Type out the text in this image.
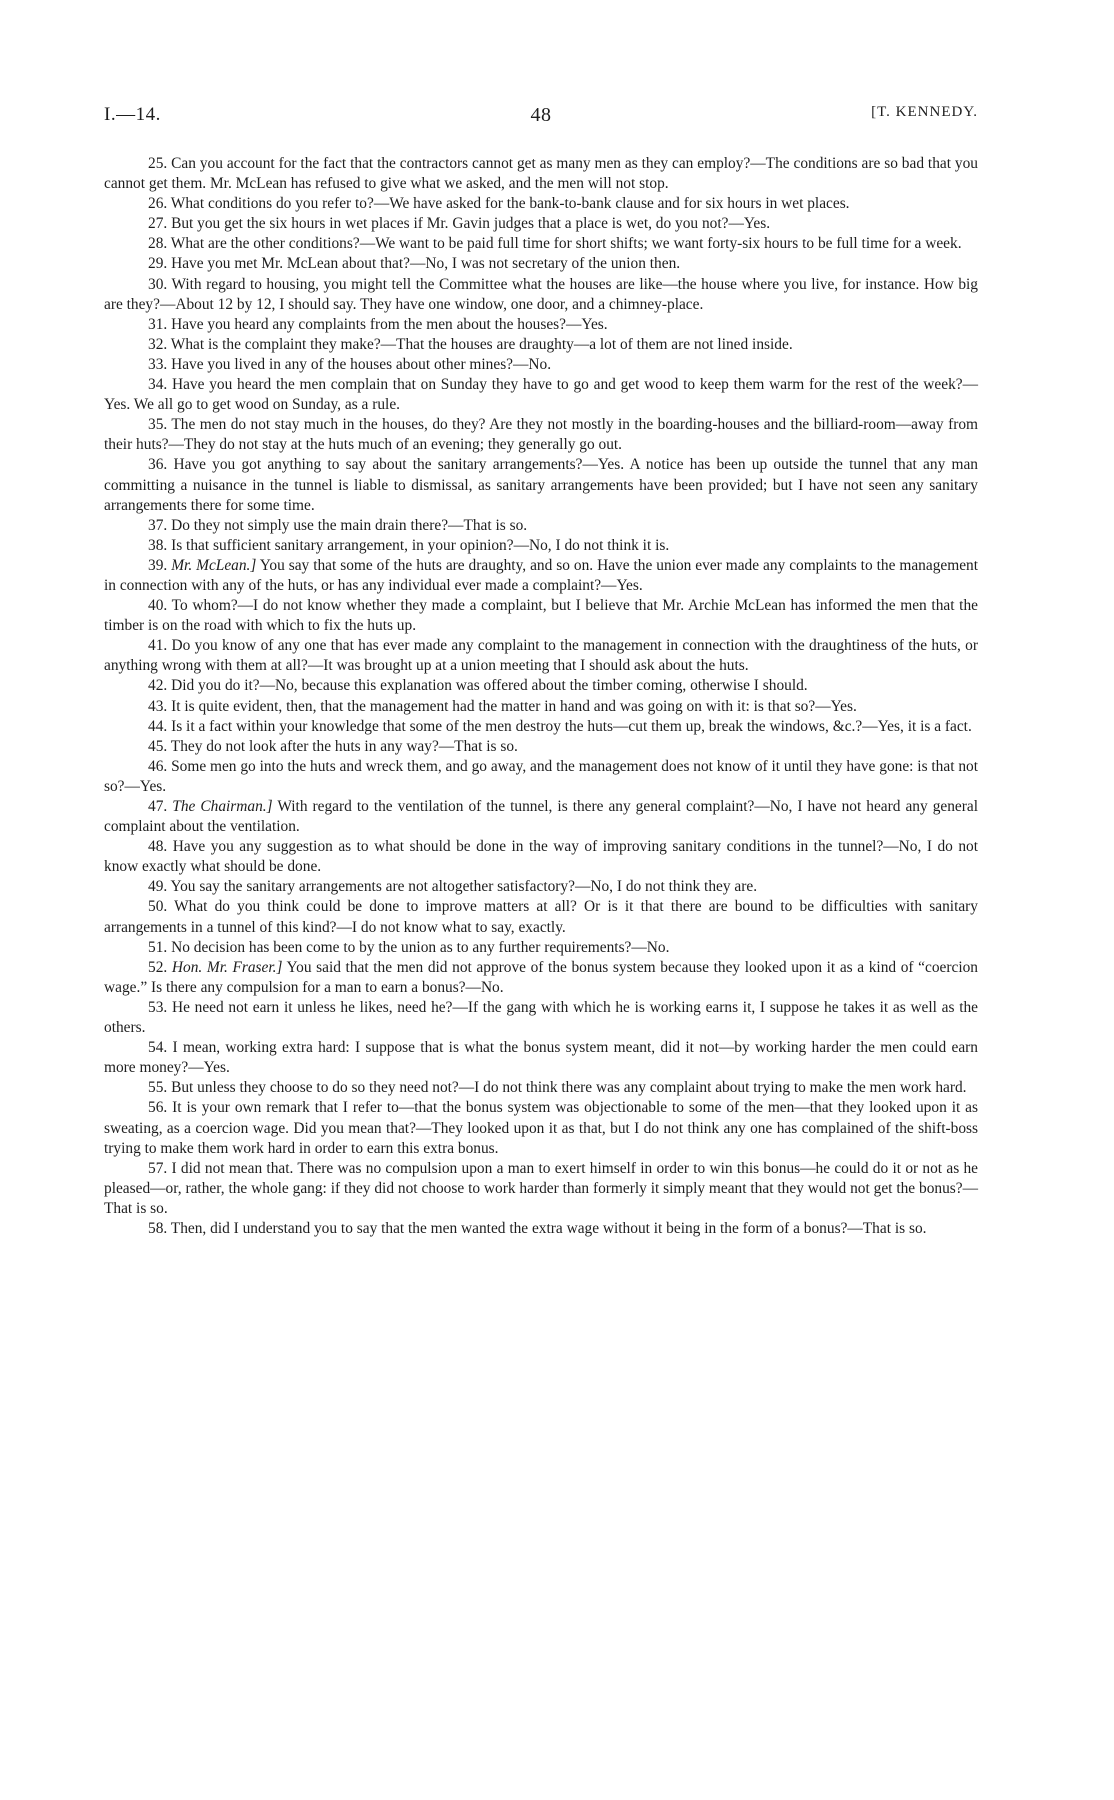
I.—14.	48	[T. KENNEDY.

25. Can you account for the fact that the contractors cannot get as many men as they can employ?—The conditions are so bad that you cannot get them. Mr. McLean has refused to give what we asked, and the men will not stop.

26. What conditions do you refer to?—We have asked for the bank-to-bank clause and for six hours in wet places.

27. But you get the six hours in wet places if Mr. Gavin judges that a place is wet, do you not?—Yes.

28. What are the other conditions?—We want to be paid full time for short shifts; we want forty-six hours to be full time for a week.

29. Have you met Mr. McLean about that?—No, I was not secretary of the union then.

30. With regard to housing, you might tell the Committee what the houses are like—the house where you live, for instance. How big are they?—About 12 by 12, I should say. They have one window, one door, and a chimney-place.

31. Have you heard any complaints from the men about the houses?—Yes.

32. What is the complaint they make?—That the houses are draughty—a lot of them are not lined inside.

33. Have you lived in any of the houses about other mines?—No.

34. Have you heard the men complain that on Sunday they have to go and get wood to keep them warm for the rest of the week?—Yes. We all go to get wood on Sunday, as a rule.

35. The men do not stay much in the houses, do they? Are they not mostly in the boarding-houses and the billiard-room—away from their huts?—They do not stay at the huts much of an evening; they generally go out.

36. Have you got anything to say about the sanitary arrangements?—Yes. A notice has been up outside the tunnel that any man committing a nuisance in the tunnel is liable to dismissal, as sanitary arrangements have been provided; but I have not seen any sanitary arrangements there for some time.

37. Do they not simply use the main drain there?—That is so.

38. Is that sufficient sanitary arrangement, in your opinion?—No, I do not think it is.

39. Mr. McLean.] You say that some of the huts are draughty, and so on. Have the union ever made any complaints to the management in connection with any of the huts, or has any individual ever made a complaint?—Yes.

40. To whom?—I do not know whether they made a complaint, but I believe that Mr. Archie McLean has informed the men that the timber is on the road with which to fix the huts up.

41. Do you know of any one that has ever made any complaint to the management in connection with the draughtiness of the huts, or anything wrong with them at all?—It was brought up at a union meeting that I should ask about the huts.

42. Did you do it?—No, because this explanation was offered about the timber coming, otherwise I should.

43. It is quite evident, then, that the management had the matter in hand and was going on with it: is that so?—Yes.

44. Is it a fact within your knowledge that some of the men destroy the huts—cut them up, break the windows, &c.?—Yes, it is a fact.

45. They do not look after the huts in any way?—That is so.

46. Some men go into the huts and wreck them, and go away, and the management does not know of it until they have gone: is that not so?—Yes.

47. The Chairman.] With regard to the ventilation of the tunnel, is there any general complaint?—No, I have not heard any general complaint about the ventilation.

48. Have you any suggestion as to what should be done in the way of improving sanitary conditions in the tunnel?—No, I do not know exactly what should be done.

49. You say the sanitary arrangements are not altogether satisfactory?—No, I do not think they are.

50. What do you think could be done to improve matters at all? Or is it that there are bound to be difficulties with sanitary arrangements in a tunnel of this kind?—I do not know what to say, exactly.

51. No decision has been come to by the union as to any further requirements?—No.

52. Hon. Mr. Fraser.] You said that the men did not approve of the bonus system because they looked upon it as a kind of “coercion wage.” Is there any compulsion for a man to earn a bonus?—No.

53. He need not earn it unless he likes, need he?—If the gang with which he is working earns it, I suppose he takes it as well as the others.

54. I mean, working extra hard: I suppose that is what the bonus system meant, did it not—by working harder the men could earn more money?—Yes.

55. But unless they choose to do so they need not?—I do not think there was any complaint about trying to make the men work hard.

56. It is your own remark that I refer to—that the bonus system was objectionable to some of the men—that they looked upon it as sweating, as a coercion wage. Did you mean that?—They looked upon it as that, but I do not think any one has complained of the shift-boss trying to make them work hard in order to earn this extra bonus.

57. I did not mean that. There was no compulsion upon a man to exert himself in order to win this bonus—he could do it or not as he pleased—or, rather, the whole gang: if they did not choose to work harder than formerly it simply meant that they would not get the bonus?—That is so.

58. Then, did I understand you to say that the men wanted the extra wage without it being in the form of a bonus?—That is so.
